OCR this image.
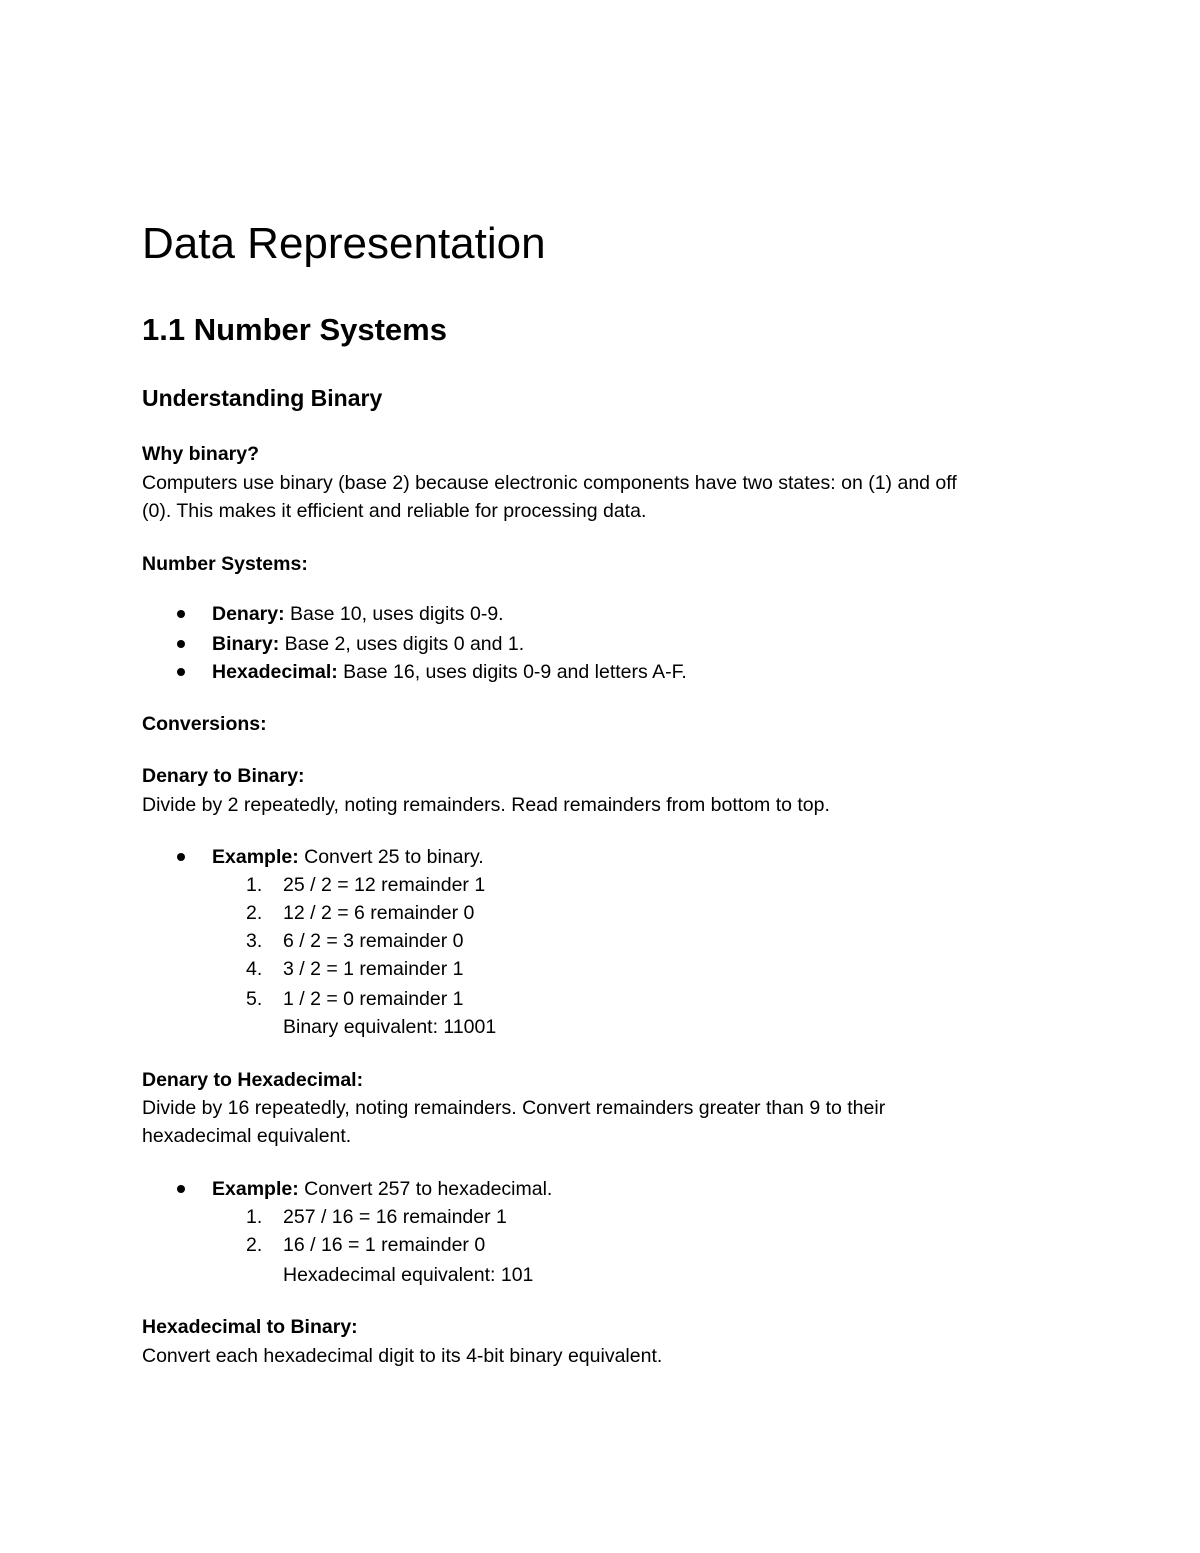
Data Representation
1.1 Number Systems
Understanding Binary
Why binary?
Computers use binary (base 2) because electronic components have two states: on (1) and off
(0). This makes it efficient and reliable for processing data.
Number Systems:
Denary: Base 10, uses digits 0-9.
Binary: Base 2, uses digits 0 and 1.
Hexadecimal: Base 16, uses digits 0-9 and letters A-F.
Conversions:
Denary to Binary:
Divide by 2 repeatedly, noting remainders. Read remainders from bottom to top.
Example: Convert 25 to binary.
1. 25 / 2 = 12 remainder 1
2. 12 / 2 = 6 remainder 0
3. 6 / 2 = 3 remainder 0
4. 3 / 2 = 1 remainder 1
5. 1 / 2 = 0 remainder 1
Binary equivalent: 11001
Denary to Hexadecimal:
Divide by 16 repeatedly, noting remainders. Convert remainders greater than 9 to their
hexadecimal equivalent.
Example: Convert 257 to hexadecimal.
1. 257 / 16 = 16 remainder 1
2. 16 / 16 = 1 remainder 0
Hexadecimal equivalent: 101
Hexadecimal to Binary:
Convert each hexadecimal digit to its 4-bit binary equivalent.
